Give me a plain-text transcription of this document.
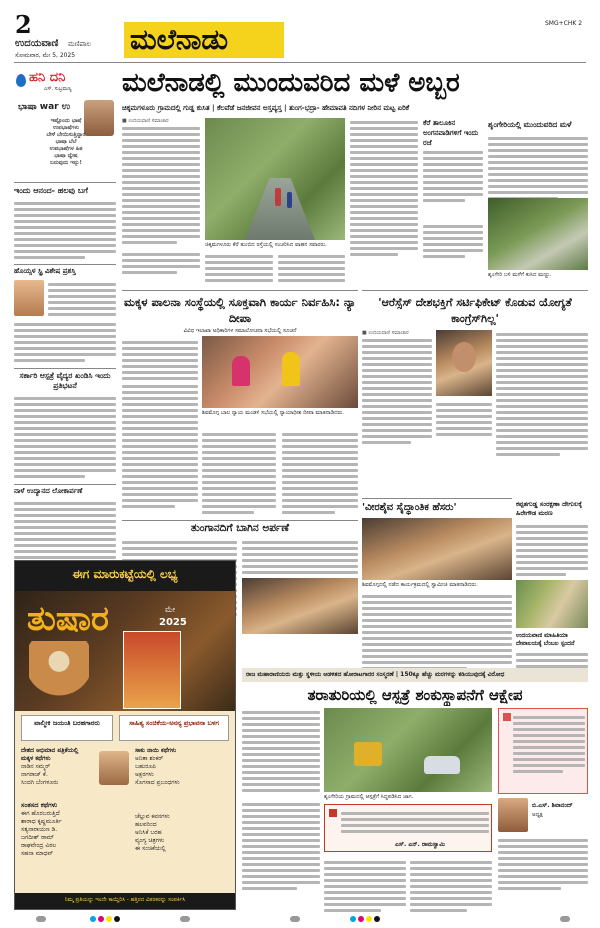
2
ಉದಯವಾಣಿ ಮಣಿಪಾಲ
ಸೋಮವಾರ, ಮೇ 5, 2025 ಮಲೆನಾಡು	SMG+CHK 2
ಹನಿ ದನಿ
ಎಸ್. ಸುಬ್ರಮಣ್ಯ
ಭಾಷಾ war ಉ
ಇಷ್ಟೊಂದು ಭಾಷೆ
ಉಪಭಾಷೆಗಳು
ಬೇಳೆ ಬೇಯಿಸುತ್ತಿದ್ದಾರೆ
ಭಾಷಾ ಬೆಲೆ
ಉಪಭಾಷೆಗಳ ಹಿತ
ಭಾಷಾ ದ್ವೇಷ
ಬರುವುದು ಇನ್ನು!
ಇಂದು ಆನಂದ- ಹಲವು ಬಗೆ
ಹೊಯ್ಸಳ ಸ್ಫ್ರಿ ವಿಶೇಷ ಪ್ರಶಸ್ತಿ
ಸರ್ಕಾರಿ ಆಸ್ಪತ್ರೆ ವೈದ್ಯರ ಖಂಡಿಸಿ ಇಂದು ಪ್ರತಿಭಟನೆ
ನಾಳೆ ಉದ್ಯಾನದ ಲೋಕಾರ್ಪಣೆ
ಮಲೆನಾಡಲ್ಲಿ ಮುಂದುವರಿದ ಮಳೆ ಅಬ್ಬರ
ಚಿಕ್ಕಮಗಳೂರು ಗ್ರಾಮದಲ್ಲಿ ಗುಡ್ಡ ಕುಸಿತ | ಕೆಲವೆಡೆ ಜನಜೀವನ ಅಸ್ತವ್ಯಸ್ತ | ತುಂಗ-ಭದ್ರಾ- ಹೇಮಾವತಿ ನದಿಗಳ ನೀರಿನ ಮಟ್ಟ ಏರಿಕೆ
■ ಉದಯವಾಣಿ ಸಮಾಚಾರ
ಚಿಕ್ಕಮಗಳೂರು ಕೆರೆ ತುಂಬಿದ ರಸ್ತೆಯಲ್ಲಿ ಸಂಚರಿಸಿದ ವಾಹನ ಸವಾರರು.
ಕೆರೆ ತಾಲೂಕಿನ ಅಂಗನವಾಡಿಗಳಿಗೆ ಇಂದು ರಜೆ
ಶೃಂಗೇರಿಯಲ್ಲಿ ಮುಂದುವರಿದ ಮಳೆ
ಶೃಂಗೇರಿ ಬಳಿ ಮಳೆಗೆ ಕುಸಿದ ಮಣ್ಣು.
ಮಕ್ಕಳ ಪಾಲನಾ ಸಂಸ್ಥೆಯಲ್ಲಿ ಸೂಕ್ತವಾಗಿ ಕಾರ್ಯ ನಿರ್ವಹಿಸಿ: ನ್ಯಾ ದೀಪಾ
ವಿವಿಧ ಇಲಾಖಾ ಅಧಿಕಾರಿಗಳ ಸಮಾಲೋಚನಾ ಸಭೆಯಲ್ಲಿ ಸೂಚನೆ
ಶಿವಮೊಗ್ಗ ಬಾಲ ನ್ಯಾಯ ಮಂಡಳಿ ಸಭೆಯಲ್ಲಿ ನ್ಯಾಯಾಧೀಶ ದೀಪಾ ಮಾತನಾಡಿದರು.
'ಆರೆಸ್ಸೆಸ್ ದೇಶಭಕ್ತಿಗೆ ಸರ್ಟಿಫಿಕೇಟ್ ಕೊಡುವ ಯೋಗ್ಯತೆ ಕಾಂಗ್ರೆಸ್‌ಗಿಲ್ಲ'
■ ಉದಯವಾಣಿ ಸಮಾಚಾರ
'ವೀರಶೈವ ಸೈದ್ಧಾಂತಿಕ ಹೆಸರು'
ಶಿವಮೊಗ್ಗದಲ್ಲಿ ನಡೆದ ಕಾರ್ಯಕ್ರಮದಲ್ಲಿ ಸ್ವಾಮೀಜಿ ಮಾತನಾಡಿದರು.
ಕಪ್ಪತಗುಡ್ಡ ಸಂರಕ್ಷಣಾ ದೇಗುಲಕ್ಕೆ ಹಿರೇಗೌಡ ಮರಣ
ಉದಯವಾಣಿ ಮಾಹಿತಿಯಾ ದೇವಾಲಯಕ್ಕೆ ಬೆಂಬಲ ಸ್ಪಂದನೆ
ತುಂಗಾನದಿಗೆ ಬಾಗಿನ ಅರ್ಪಣೆ
ಈಗ ಮಾರುಕಟ್ಟೆಯಲ್ಲಿ ಲಭ್ಯ
ತುಷಾರ	ಮೇ
2025
ವಾಲ್ಮೀಕಿ ಜಯಂತಿ ಬರಹಗಾರರು	ಸಾಹಿತ್ಯ ಸಂಚಿಕೆಯ-ಅನನ್ಯ ಪ್ರಭಾವನಾ ಬಳಗ
ದೇಶದ ಅಭಿಮಾನ ಪತ್ರಿಕೆಯಲ್ಲಿ ಮಕ್ಕಳ ಕಥೆಗಳು
ನಾಡಿನ ಸಮ್ಮರ್
ನಾಗರಾಜ್ ಕೆ.
ಸಿಂದಗಿ ಬೆಂಗಳೂರು
ಸಾಕು ನಾಯಿ ಕಥೆಗಳು
ಅನಿತಾ ಶಂಕರ್
ಬಹುರೂಪಿ
ಅಕ್ಷರಗಳು
ಸೊಗಸಾದ ಪ್ರಬಂಧಗಳು
ಸಂತಸದ ಕಥೆಗಳು
ಈಗ ಹೊರಬರುತ್ತಿದೆ
ಶಾರಾಧ ಕೃಷ್ಣಮೂರ್ತಿ
ಸತ್ಯನಾರಾಯಣ ಡಿ.
ಜಗದೀಶ್ ರಾಮ್
ರಾಘವೇಂದ್ರ ವಿಠಲ
ಸಹನಾ ಮಾಧವ್
ಚೆಲ್ಲುವ ಕವನಗಳು
ಹಲವರಿಂದ
ಅನಿಸಿಕೆ ಬರಹ
ವ್ಯಂಗ್ಯ ಚಿತ್ರಗಳು
ಈ ಸಂಚಿಕೆಯಲ್ಲಿ
ನಿಮ್ಮ ಪ್ರತಿಯನ್ನು ಇಂದೇ ಕಾಯ್ದಿರಿಸಿ - ಹತ್ತಿರದ ವಿತರಕರನ್ನು ಸಂಪರ್ಕಿಸಿ
ರಾಜ ಮಹಾರಾಣಿಯರು ಮತ್ತು ಸ್ಥಳೀಯ ಆಡಳಿತದ ಹೋರಾಟಗಾರರ ಸಂಸ್ಮರಣೆ | 150ಕ್ಕೂ ಹೆಚ್ಚು ಮರಗಳನ್ನು ಕಡಿಯುವುದಕ್ಕೆ ವಿರೋಧ
ತರಾತುರಿಯಲ್ಲಿ ಆಸ್ಪತ್ರೆ ಶಂಕುಸ್ಥಾಪನೆಗೆ ಆಕ್ಷೇಪ
ಶೃಂಗೇರಿಯ ಗ್ರಾಮದಲ್ಲಿ ಆಸ್ಪತ್ರೆಗೆ ಸಿದ್ಧಪಡಿಸಿದ ಜಾಗ.
ಎಸ್. ಎನ್. ರಾಮಸ್ವಾಮಿ
ಬಿ.ಎಸ್. ಶಿವಾನಂದ್
ಅಧ್ಯಕ್ಷ
